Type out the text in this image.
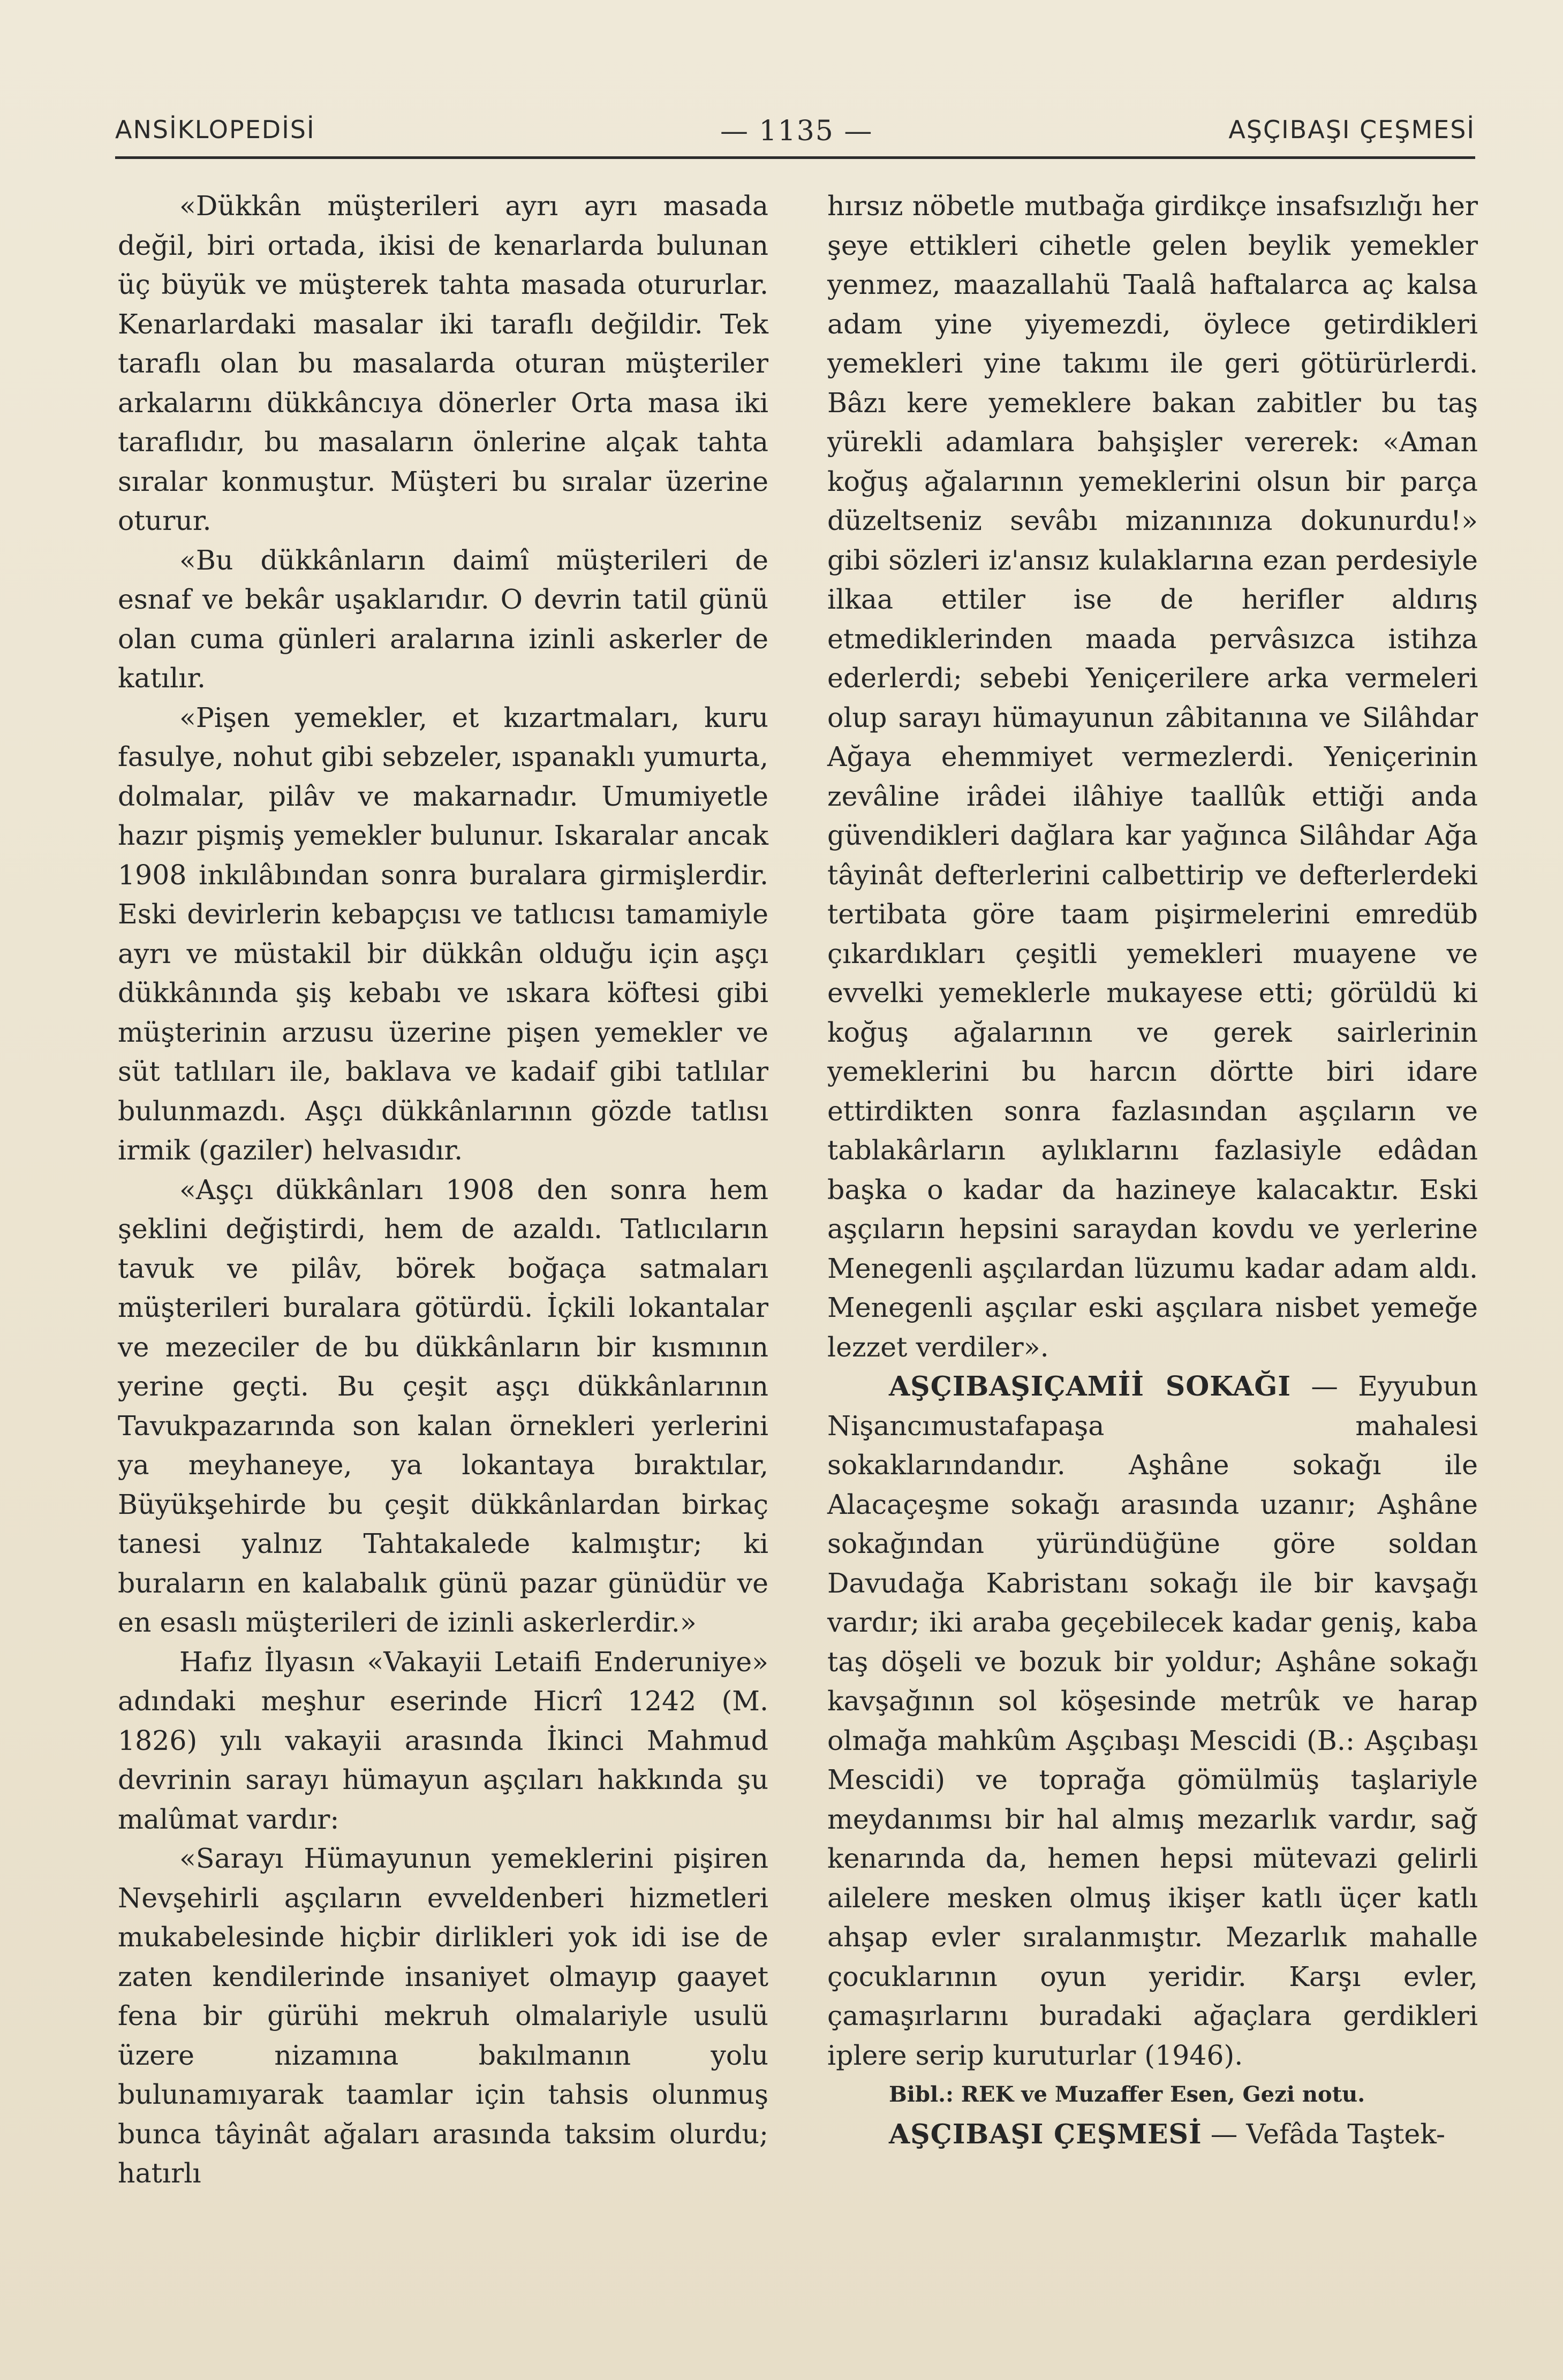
ANSİKLOPEDİSİ	— 1135 —	AŞÇIBAŞI ÇEŞMESİ

«Dükkân müşterileri ayrı ayrı masada değil, biri ortada, ikisi de kenarlarda bulunan üç büyük ve müşterek tahta masada otururlar. Kenarlardaki masalar iki taraflı değildir. Tek taraflı olan bu masalarda oturan müşteriler arkalarını dükkâncıya dönerler Orta masa iki taraflıdır, bu masaların önlerine alçak tahta sıralar konmuştur. Müşteri bu sıralar üzerine oturur.

«Bu dükkânların daimî müşterileri de esnaf ve bekâr uşaklarıdır. O devrin tatil günü olan cuma günleri aralarına izinli askerler de katılır.

«Pişen yemekler, et kızartmaları, kuru fasulye, nohut gibi sebzeler, ıspanaklı yumurta, dolmalar, pilâv ve makarnadır. Umumiyetle hazır pişmiş yemekler bulunur. Iskaralar ancak 1908 inkılâbından sonra buralara girmişlerdir. Eski devirlerin kebapçısı ve tatlıcısı tamamiyle ayrı ve müstakil bir dükkân olduğu için aşçı dükkânında şiş kebabı ve ıskara köftesi gibi müşterinin arzusu üzerine pişen yemekler ve süt tatlıları ile, baklava ve kadaif gibi tatlılar bulunmazdı. Aşçı dükkânlarının gözde tatlısı irmik (gaziler) helvasıdır.

«Aşçı dükkânları 1908 den sonra hem şeklini değiştirdi, hem de azaldı. Tatlıcıların tavuk ve pilâv, börek boğaça satmaları müşterileri buralara götürdü. İçkili lokantalar ve mezeciler de bu dükkânların bir kısmının yerine geçti. Bu çeşit aşçı dükkânlarının Tavukpazarında son kalan örnekleri yerlerini ya meyhaneye, ya lokantaya bıraktılar, Büyükşehirde bu çeşit dükkânlardan birkaç tanesi yalnız Tahtakalede kalmıştır; ki buraların en kalabalık günü pazar günüdür ve en esaslı müşterileri de izinli askerlerdir.»

Hafız İlyasın «Vakayii Letaifi Enderuniye» adındaki meşhur eserinde Hicrî 1242 (M. 1826) yılı vakayii arasında İkinci Mahmud devrinin sarayı hümayun aşçıları hakkında şu malûmat vardır:

«Sarayı Hümayunun yemeklerini pişiren Nevşehirli aşçıların evveldenberi hizmetleri mukabelesinde hiçbir dirlikleri yok idi ise de zaten kendilerinde insaniyet olmayıp gaayet fena bir gürühi mekruh olmalariyle usulü üzere nizamına bakılmanın yolu bulunamıyarak taamlar için tahsis olunmuş bunca tâyinât ağaları arasında taksim olurdu; hatırlı

hırsız nöbetle mutbağa girdikçe insafsızlığı her şeye ettikleri cihetle gelen beylik yemekler yenmez, maazallahü Taalâ haftalarca aç kalsa adam yine yiyemezdi, öylece getirdikleri yemekleri yine takımı ile geri götürürlerdi. Bâzı kere yemeklere bakan zabitler bu taş yürekli adamlara bahşişler vererek: «Aman koğuş ağalarının yemeklerini olsun bir parça düzeltseniz sevâbı mizanınıza dokunurdu!» gibi sözleri iz'ansız kulaklarına ezan perdesiyle ilkaa ettiler ise de herifler aldırış etmediklerinden maada pervâsızca istihza ederlerdi; sebebi Yeniçerilere arka vermeleri olup sarayı hümayunun zâbitanına ve Silâhdar Ağaya ehemmiyet vermezlerdi. Yeniçerinin zevâline irâdei ilâhiye taallûk ettiği anda güvendikleri dağlara kar yağınca Silâhdar Ağa tâyinât defterlerini calbettirip ve defterlerdeki tertibata göre taam pişirmelerini emredüb çıkardıkları çeşitli yemekleri muayene ve evvelki yemeklerle mukayese etti; görüldü ki koğuş ağalarının ve gerek sairlerinin yemeklerini bu harcın dörtte biri idare ettirdikten sonra fazlasından aşçıların ve tablakârların aylıklarını fazlasiyle edâdan başka o kadar da hazineye kalacaktır. Eski aşçıların hepsini saraydan kovdu ve yerlerine Menegenli aşçılardan lüzumu kadar adam aldı. Menegenli aşçılar eski aşçılara nisbet yemeğe lezzet verdiler».

AŞÇIBAŞIÇAMİİ SOKAĞI — Eyyubun Nişancımustafapaşa mahalesi sokaklarındandır. Aşhâne sokağı ile Alacaçeşme sokağı arasında uzanır; Aşhâne sokağından yüründüğüne göre soldan Davudağa Kabristanı sokağı ile bir kavşağı vardır; iki araba geçebilecek kadar geniş, kaba taş döşeli ve bozuk bir yoldur; Aşhâne sokağı kavşağının sol köşesinde metrûk ve harap olmağa mahkûm Aşçıbaşı Mescidi (B.: Aşçıbaşı Mescidi) ve toprağa gömülmüş taşlariyle meydanımsı bir hal almış mezarlık vardır, sağ kenarında da, hemen hepsi mütevazi gelirli ailelere mesken olmuş ikişer katlı üçer katlı ahşap evler sıralanmıştır. Mezarlık mahalle çocuklarının oyun yeridir. Karşı evler, çamaşırlarını buradaki ağaçlara gerdikleri iplere serip kuruturlar (1946).

Bibl.: REK ve Muzaffer Esen, Gezi notu.

AŞÇIBAŞI ÇEŞMESİ — Vefâda Taştek-
